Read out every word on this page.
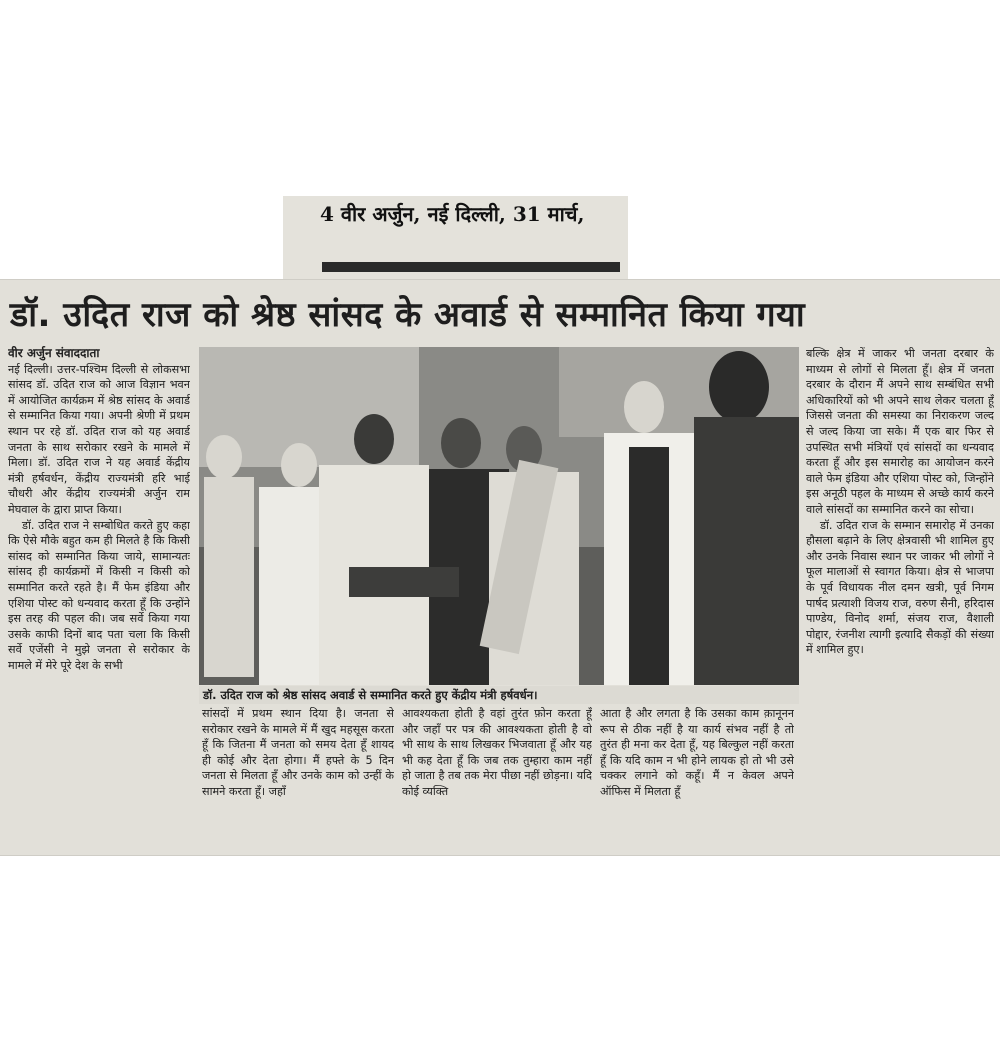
4 वीर अर्जुन, नई दिल्ली, 31 मार्च,
डॉ. उदित राज को श्रेष्ठ सांसद के अवार्ड से सम्मानित किया गया

वीर अर्जुन संवाददाता

नई दिल्ली। उत्तर-पश्चिम दिल्ली से लोकसभा सांसद डॉ. उदित राज को आज विज्ञान भवन में आयोजित कार्यक्रम में श्रेष्ठ सांसद के अवार्ड से सम्मानित किया गया। अपनी श्रेणी में प्रथम स्थान पर रहे डॉ. उदित राज को यह अवार्ड जनता के साथ सरोकार रखने के मामले में मिला। डॉ. उदित राज ने यह अवार्ड केंद्रीय मंत्री हर्षवर्धन, केंद्रीय राज्यमंत्री हरि भाई चौधरी और केंद्रीय राज्यमंत्री अर्जुन राम मेघवाल के द्वारा प्राप्त किया।

डॉ. उदित राज ने सम्बोधित करते हुए कहा कि ऐसे मौके बहुत कम ही मिलते है कि किसी सांसद को सम्मानित किया जाये, सामान्यतः सांसद ही कार्यक्रमों में किसी न किसी को सम्मानित करते रहते है। मैं फेम इंडिया और एशिया पोस्ट को धन्यवाद करता हूँ कि उन्होंने इस तरह की पहल की। जब सर्वे किया गया उसके काफी दिनों बाद पता चला कि किसी सर्वे एजेंसी ने मुझे जनता से सरोकार के मामले में मेरे पूरे देश के सभी

डॉ. उदित राज को श्रेष्ठ सांसद अवार्ड से सम्मानित करते हुए केंद्रीय मंत्री हर्षवर्धन।

सांसदों में प्रथम स्थान दिया है। जनता से सरोकार रखने के मामले में मैं खुद महसूस करता हूँ कि जितना मैं जनता को समय देता हूँ शायद ही कोई और देता होगा। मैं हफ्ते के 5 दिन जनता से मिलता हूँ और उनके काम को उन्हीं के सामने करता हूँ। जहाँ

आवश्यकता होती है वहां तुरंत फ़ोन करता हूँ और जहाँ पर पत्र की आवश्यकता होती है वो भी साथ के साथ लिखकर भिजवाता हूँ और यह भी कह देता हूँ कि जब तक तुम्हारा काम नहीं हो जाता है तब तक मेरा पीछा नहीं छोड़ना। यदि कोई व्यक्ति

आता है और लगता है कि उसका काम क़ानूनन रूप से ठीक नहीं है या कार्य संभव नहीं है तो तुरंत ही मना कर देता हूँ, यह बिल्कुल नहीं करता हूँ कि यदि काम न भी होने लायक हो तो भी उसे चक्कर लगाने को कहूँ। मैं न केवल अपने ऑफिस में मिलता हूँ

बल्कि क्षेत्र में जाकर भी जनता दरबार के माध्यम से लोगों से मिलता हूँ। क्षेत्र में जनता दरबार के दौरान मैं अपने साथ सम्बंधित सभी अधिकारियों को भी अपने साथ लेकर चलता हूँ जिससे जनता की समस्या का निराकरण जल्द से जल्द किया जा सके। मैं एक बार फिर से उपस्थित सभी मंत्रियों एवं सांसदों का धन्यवाद करता हूँ और इस समारोह का आयोजन करने वाले फेम इंडिया और एशिया पोस्ट को, जिन्होंने इस अनूठी पहल के माध्यम से अच्छे कार्य करने वाले सांसदों का सम्मानित करने का सोचा।

डॉ. उदित राज के सम्मान समारोह में उनका हौसला बढ़ाने के लिए क्षेत्रवासी भी शामिल हुए और उनके निवास स्थान पर जाकर भी लोगों ने फूल मालाओं से स्वागत किया। क्षेत्र से भाजपा के पूर्व विधायक नील दमन खत्री, पूर्व निगम पार्षद प्रत्याशी विजय राज, वरुण सैनी, हरिदास पाण्डेय, विनोद शर्मा, संजय राज, वैशाली पोद्दार, रंजनीश त्यागी इत्यादि सैकड़ों की संख्या में शामिल हुए।
